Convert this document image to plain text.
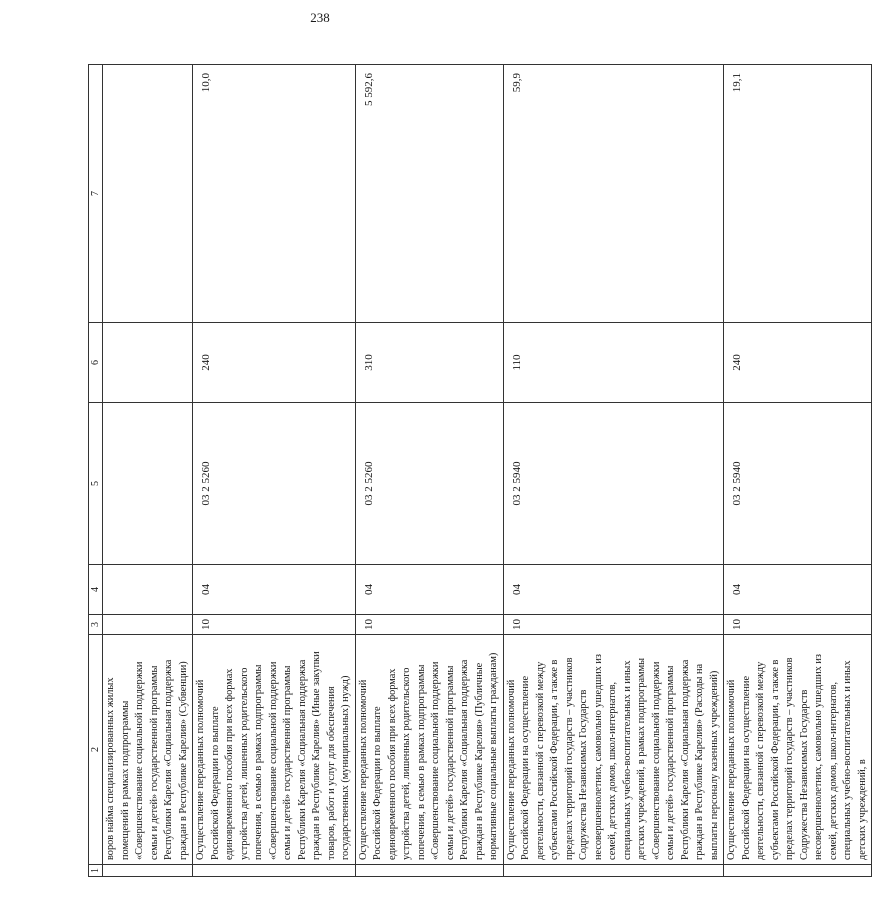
238
1	2	3	4	5	6	7
	воров найма специализированных жилых помещений в рамках подпрограммы «Совершенствование социальной поддержки семьи и детей» государственной программы Республики Карелия «Социальная поддержка граждан в Республике Карелия» (Субвенции)					
	Осуществление переданных полномочий Российской Федерации по выплате единовременного пособия при всех формах устройства детей, лишенных родительского попечения, в семью в рамках подпрограммы «Совершенствование социальной поддержки семьи и детей» государственной программы Республики Карелия «Социальная поддержка граждан в Республике Карелия» (Иные закупки товаров, работ и услуг для обеспечения государственных (муниципальных) нужд)	10	04	03 2 5260	240	10,0
	Осуществление переданных полномочий Российской Федерации по выплате единовременного пособия при всех формах устройства детей, лишенных родительского попечения, в семью в рамках подпрограммы «Совершенствование социальной поддержки семьи и детей» государственной программы Республики Карелия «Социальная поддержка граждан в Республике Карелия» (Публичные нормативные социальные выплаты гражданам)	10	04	03 2 5260	310	5 592,6
	Осуществление переданных полномочий Российской Федерации на осуществление деятельности, связанной с перевозкой между субъектами Российской Федерации, а также в пределах территорий государств – участников Содружества Независимых Государств несовершеннолетних, самовольно ушедших из семей, детских домов, школ-интернатов, специальных учебно-воспитательных и иных детских учреждений, в рамках подпрограммы «Совершенствование социальной поддержки семьи и детей» государственной программы Республики Карелия «Социальная поддержка граждан в Республике Карелия» (Расходы на выплаты персоналу казенных учреждений)	10	04	03 2 5940	110	59,9
	Осуществление переданных полномочий Российской Федерации на осуществление деятельности, связанной с перевозкой между субъектами Российской Федерации, а также в пределах территорий государств – участников Содружества Независимых Государств несовершеннолетних, самовольно ушедших из семей, детских домов, школ-интернатов, специальных учебно-воспитательных и иных детских учреждений, в	10	04	03 2 5940	240	19,1
